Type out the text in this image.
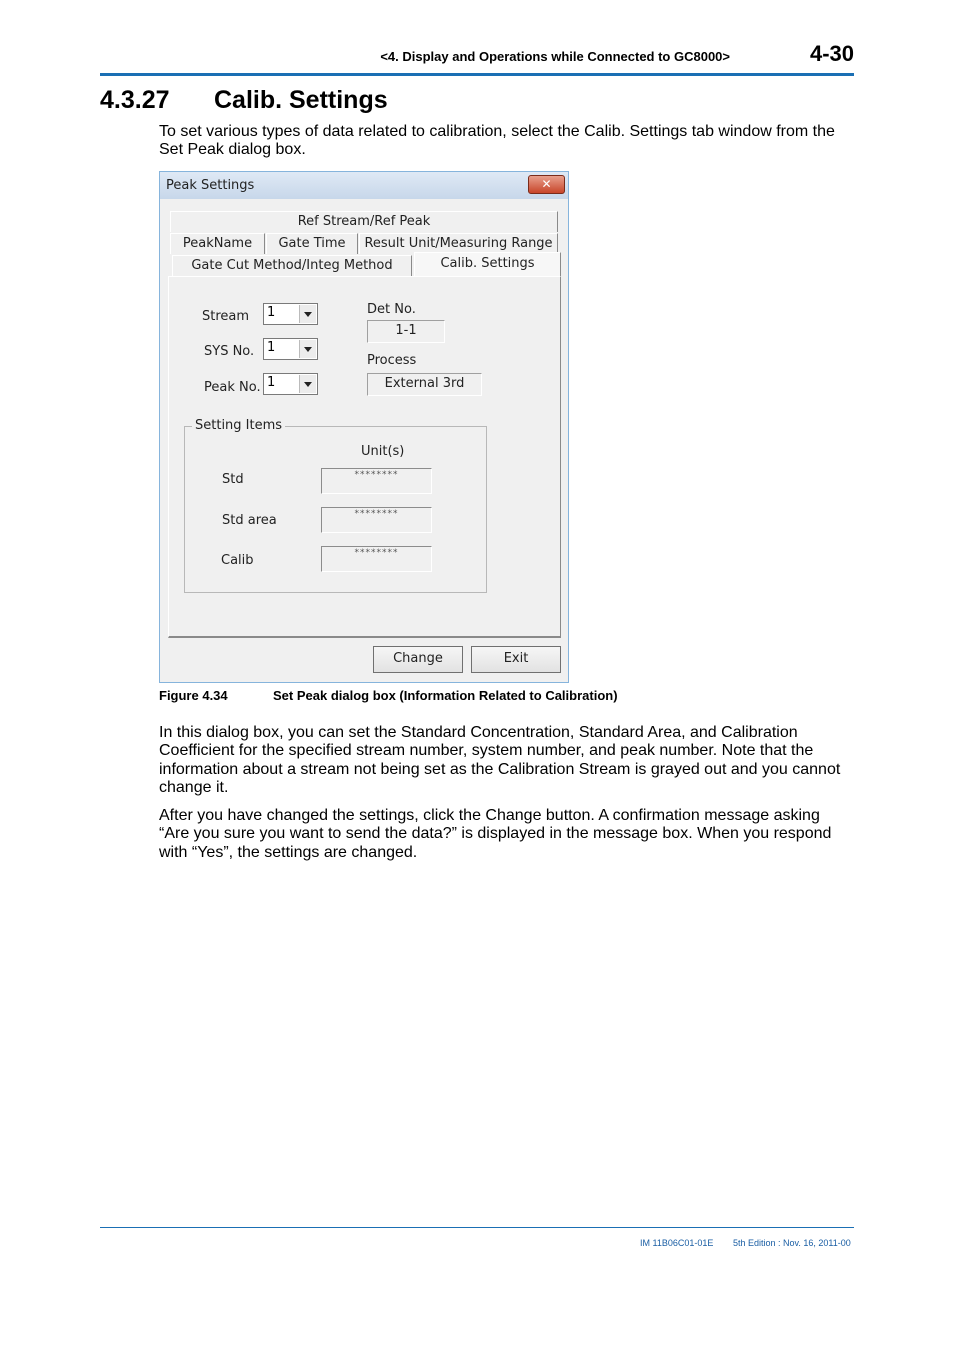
<4. Display and Operations while Connected to GC8000>	4-30
4.3.27 Calib. Settings
To set various types of data related to calibration, select the Calib. Settings tab window from the Set Peak dialog box.
Peak Settings	✕
Ref Stream/Ref Peak
PeakName	Gate Time	Result Unit/Measuring Range
Gate Cut Method/Integ Method	Calib. Settings
Stream 1
SYS No. 1
Peak No. 1
Det No.
1-1
Process
External 3rd
Setting Items
Unit(s)
Std	********
Std area	********
Calib	********
Change	Exit
Figure 4.34	Set Peak dialog box (Information Related to Calibration)
In this dialog box, you can set the Standard Concentration, Standard Area, and Calibration Coefficient for the specified stream number, system number, and peak number. Note that the information about a stream not being set as the Calibration Stream is grayed out and you cannot change it.
After you have changed the settings, click the Change button. A confirmation message asking “Are you sure you want to send the data?” is displayed in the message box. When you respond with “Yes”, the settings are changed.
IM 11B06C01-01E 5th Edition : Nov. 16, 2011-00
